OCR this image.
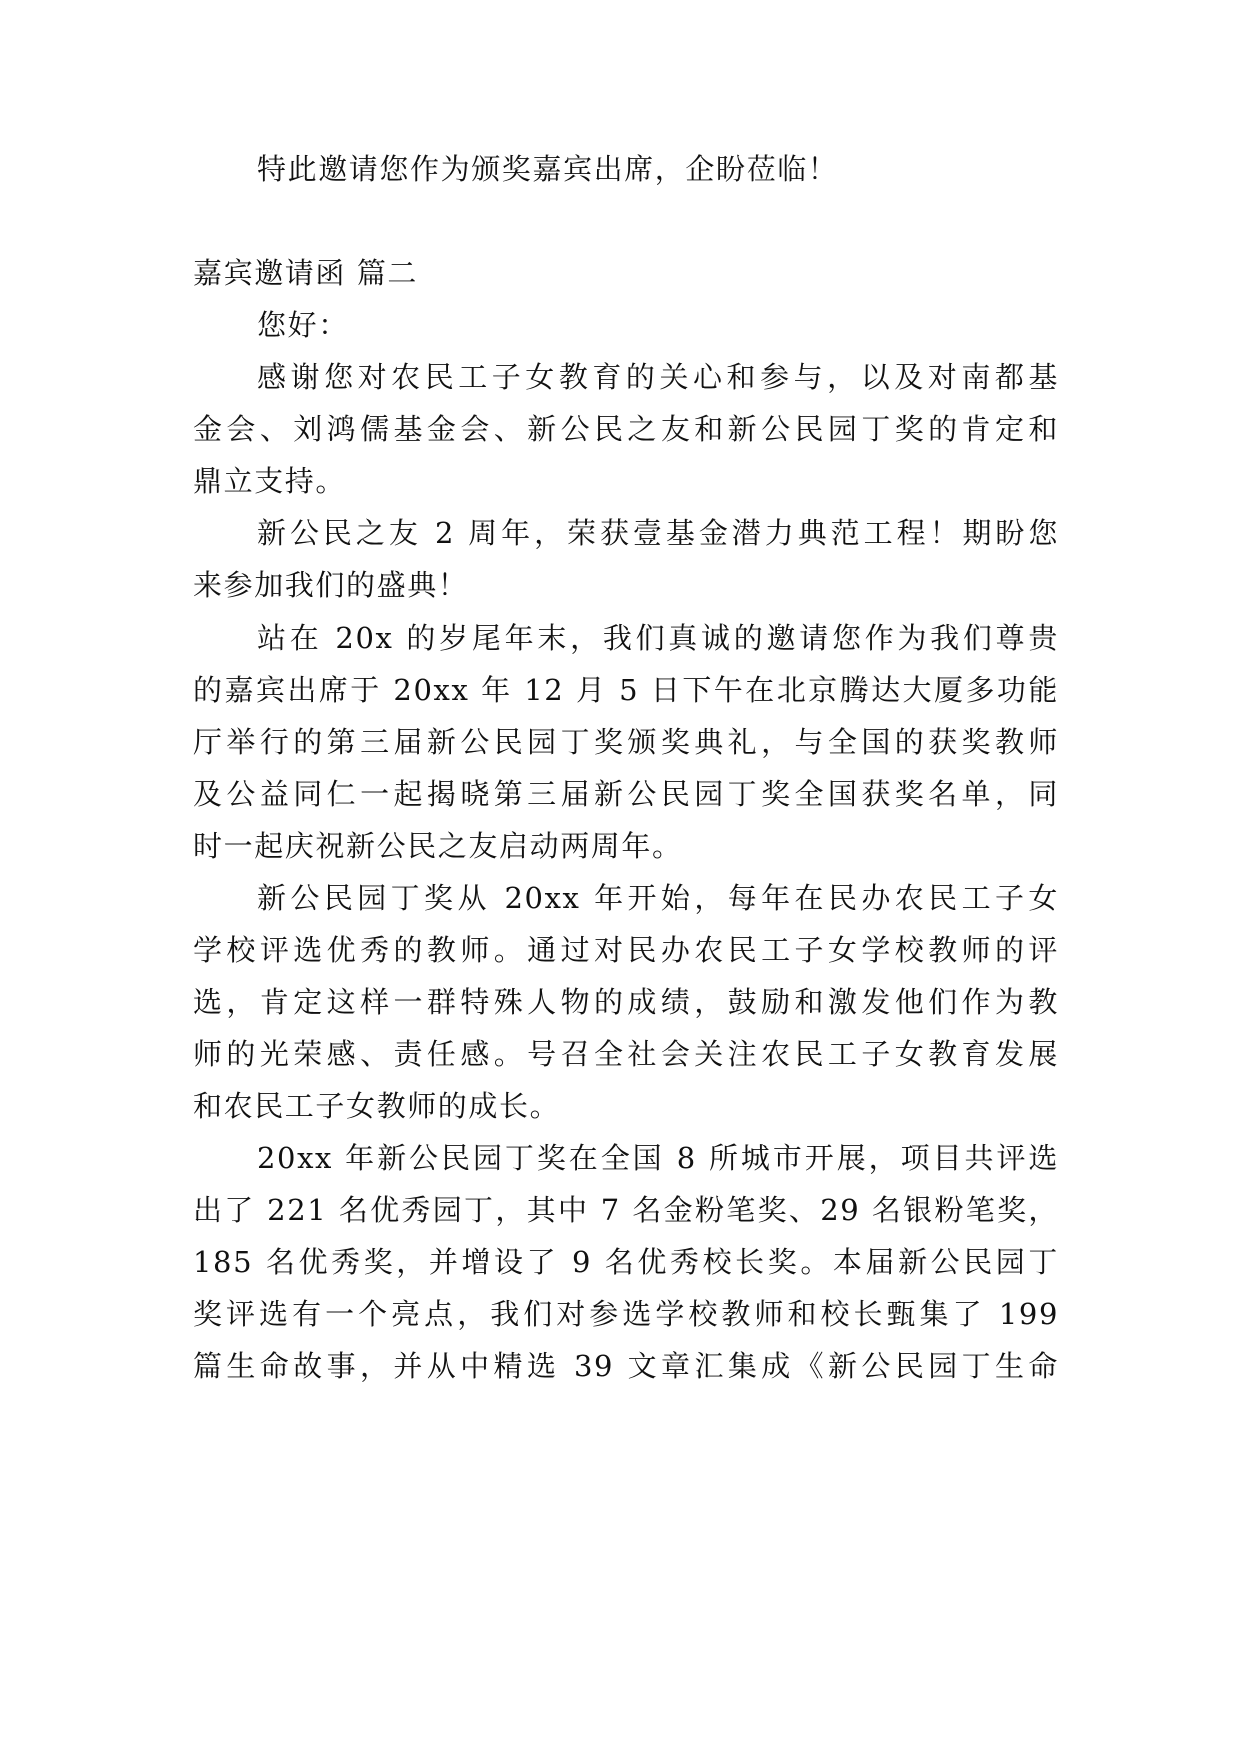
特此邀请您作为颁奖嘉宾出席，企盼莅临！
嘉宾邀请函 篇二
您好：
感谢您对农民工子女教育的关心和参与，以及对南都基
金会、刘鸿儒基金会、新公民之友和新公民园丁奖的肯定和
鼎立支持。
新公民之友 2 周年，荣获壹基金潜力典范工程！期盼您
来参加我们的盛典！
站在 20x 的岁尾年末，我们真诚的邀请您作为我们尊贵
的嘉宾出席于 20xx 年 12 月 5 日下午在北京腾达大厦多功能
厅举行的第三届新公民园丁奖颁奖典礼，与全国的获奖教师
及公益同仁一起揭晓第三届新公民园丁奖全国获奖名单，同
时一起庆祝新公民之友启动两周年。
新公民园丁奖从 20xx 年开始，每年在民办农民工子女
学校评选优秀的教师。通过对民办农民工子女学校教师的评
选，肯定这样一群特殊人物的成绩，鼓励和激发他们作为教
师的光荣感、责任感。号召全社会关注农民工子女教育发展
和农民工子女教师的成长。
20xx 年新公民园丁奖在全国 8 所城市开展，项目共评选
出了 221 名优秀园丁，其中 7 名金粉笔奖、29 名银粉笔奖，
185 名优秀奖，并增设了 9 名优秀校长奖。本届新公民园丁
奖评选有一个亮点，我们对参选学校教师和校长甄集了 199
篇生命故事，并从中精选 39 文章汇集成《新公民园丁生命
